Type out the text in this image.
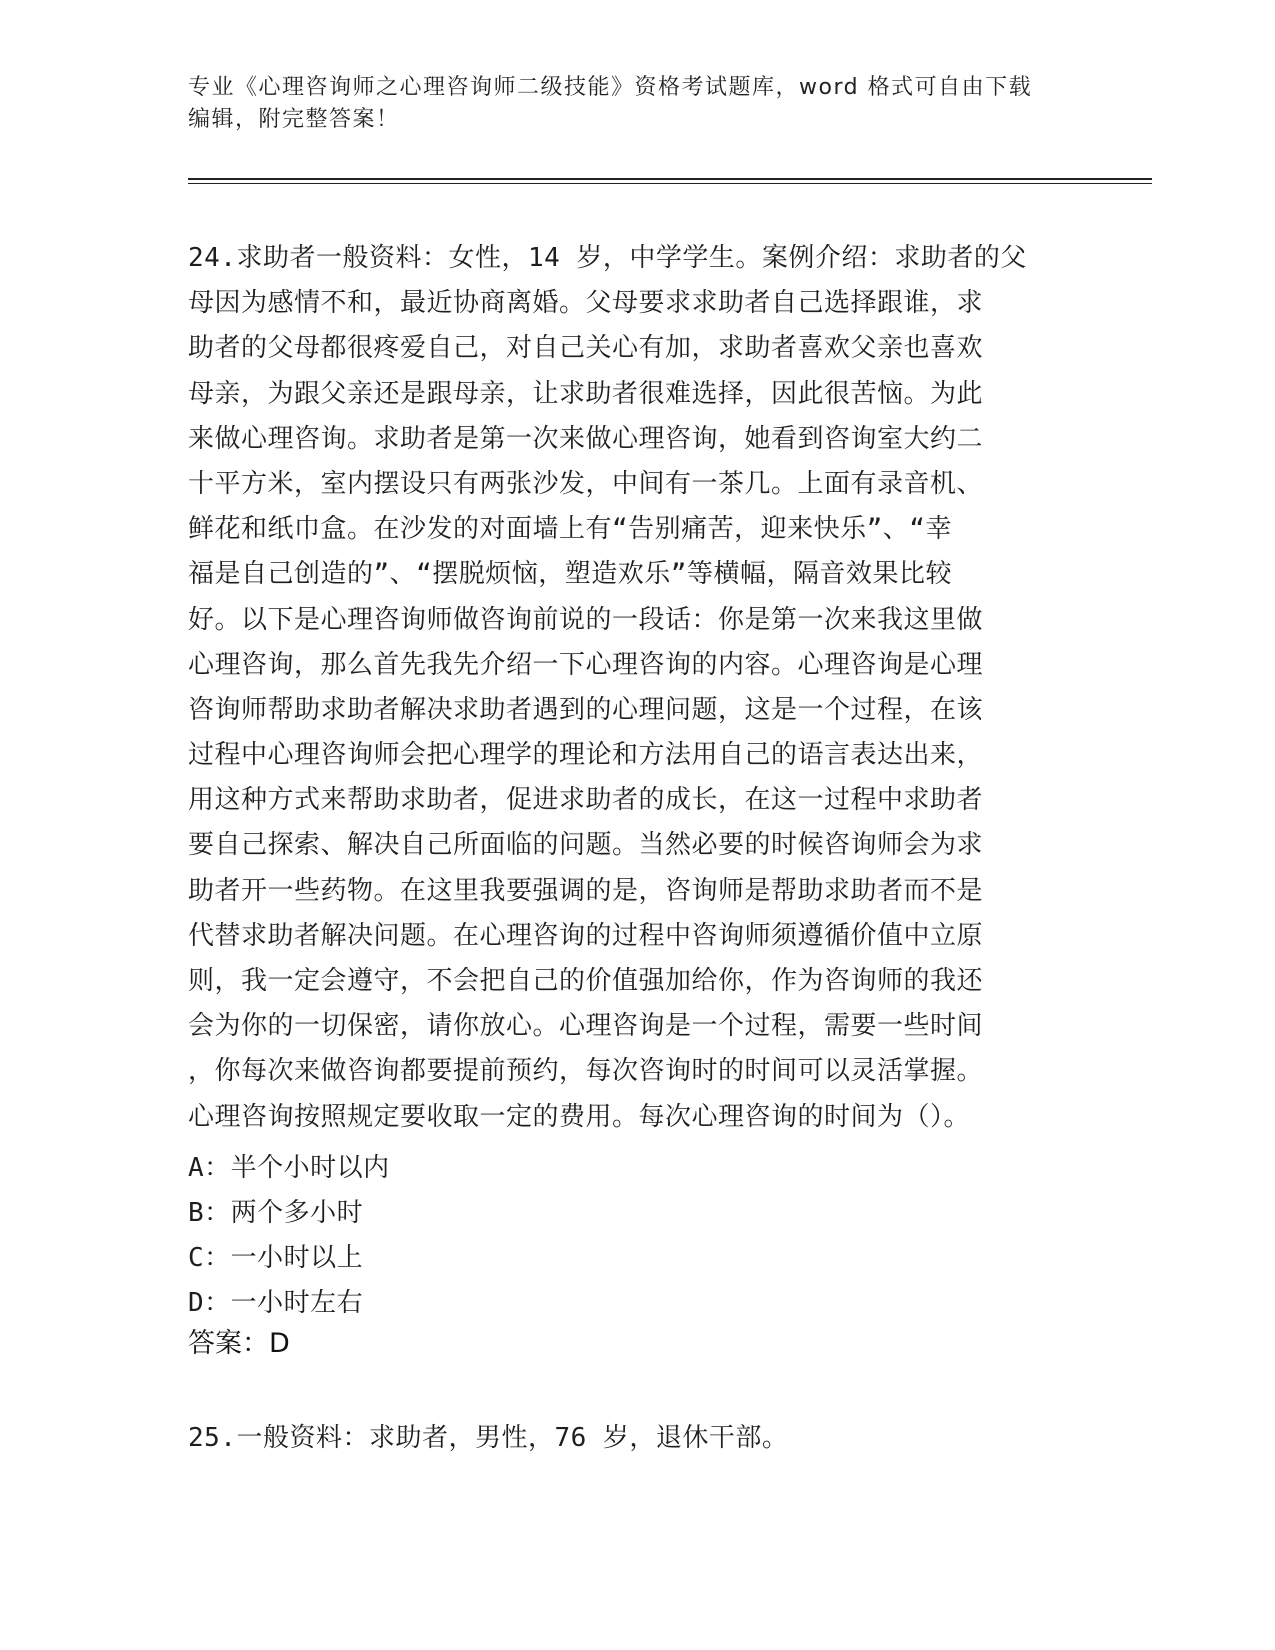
专业《心理咨询师之心理咨询师二级技能》资格考试题库，word 格式可自由下载
编辑，附完整答案！
24.求助者一般资料：女性，14 岁，中学学生。案例介绍：求助者的父
母因为感情不和，最近协商离婚。父母要求求助者自己选择跟谁，求
助者的父母都很疼爱自己，对自己关心有加，求助者喜欢父亲也喜欢
母亲，为跟父亲还是跟母亲，让求助者很难选择，因此很苦恼。为此
来做心理咨询。求助者是第一次来做心理咨询，她看到咨询室大约二
十平方米，室内摆设只有两张沙发，中间有一茶几。上面有录音机、
鲜花和纸巾盒。在沙发的对面墙上有“告别痛苦，迎来快乐”、“幸
福是自己创造的”、“摆脱烦恼，塑造欢乐”等横幅，隔音效果比较
好。以下是心理咨询师做咨询前说的一段话：你是第一次来我这里做
心理咨询，那么首先我先介绍一下心理咨询的内容。心理咨询是心理
咨询师帮助求助者解决求助者遇到的心理问题，这是一个过程，在该
过程中心理咨询师会把心理学的理论和方法用自己的语言表达出来，
用这种方式来帮助求助者，促进求助者的成长，在这一过程中求助者
要自己探索、解决自己所面临的问题。当然必要的时候咨询师会为求
助者开一些药物。在这里我要强调的是，咨询师是帮助求助者而不是
代替求助者解决问题。在心理咨询的过程中咨询师须遵循价值中立原
则，我一定会遵守，不会把自己的价值强加给你，作为咨询师的我还
会为你的一切保密，请你放心。心理咨询是一个过程，需要一些时间
，你每次来做咨询都要提前预约，每次咨询时的时间可以灵活掌握。
心理咨询按照规定要收取一定的费用。每次心理咨询的时间为（）。
A：半个小时以内
B：两个多小时
C：一小时以上
D：一小时左右
答案：D
25.一般资料：求助者，男性，76 岁，退休干部。
